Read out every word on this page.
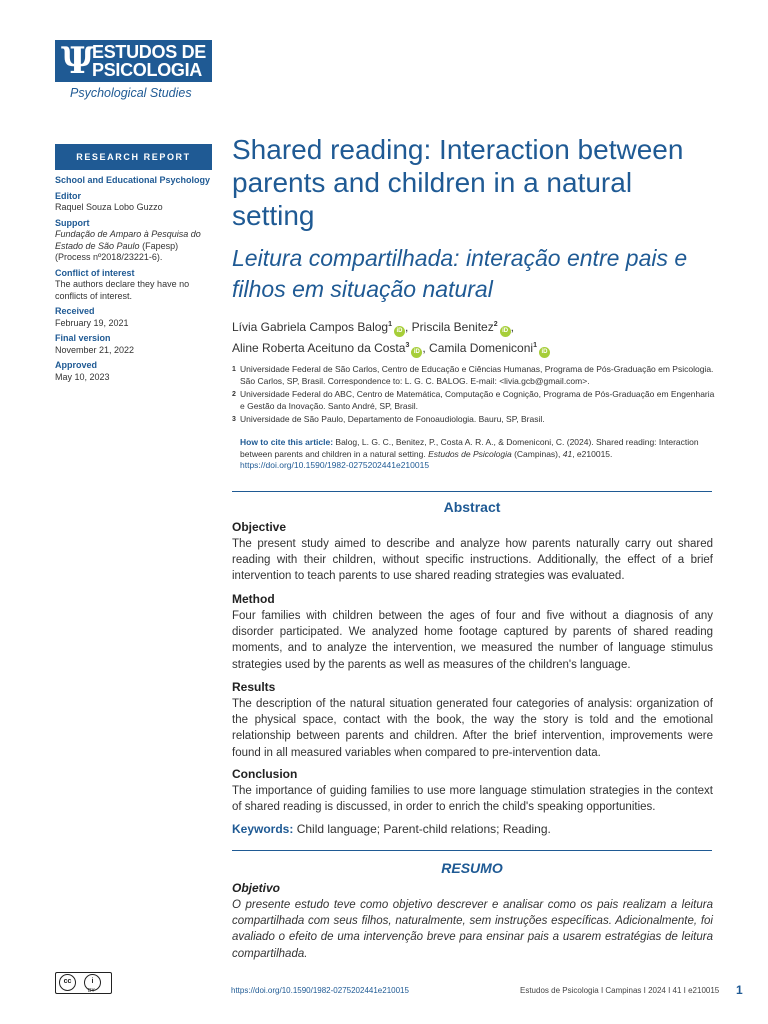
Ψ
ESTUDOS DE
PSICOLOGIA
Psychological Studies
RESEARCH REPORT
School and Educational Psychology
Editor
Raquel Souza Lobo Guzzo
Support
Fundação de Amparo à Pesquisa do Estado de São Paulo (Fapesp) (Process nº2018/23221-6).
Conflict of interest
The authors declare they have no conflicts of interest.
Received
February 19, 2021
Final version
November 21, 2022
Approved
May 10, 2023
Shared reading: Interaction between parents and children in a natural setting
Leitura compartilhada: interação entre pais e filhos em situação natural
Lívia Gabriela Campos Balog$^1$iD , Priscila Benitez$^2$iD ,
Aline Roberta Aceituno da Costa$^3$iD , Camila Domeniconi$^1$iD
1 Universidade Federal de São Carlos, Centro de Educação e Ciências Humanas, Programa de Pós-Graduação em Psicologia. São Carlos, SP, Brasil. Correspondence to: L. G. C. BALOG. E-mail: <livia.gcb@gmail.com>.
2 Universidade Federal do ABC, Centro de Matemática, Computação e Cognição, Programa de Pós-Graduação em Engenharia e Gestão da Inovação. Santo André, SP, Brasil.
3 Universidade de São Paulo, Departamento de Fonoaudiologia. Bauru, SP, Brasil.
How to cite this article: Balog, L. G. C., Benitez, P., Costa A. R. A., & Domeniconi, C. (2024). Shared reading: Interaction between parents and children in a natural setting. Estudos de Psicologia (Campinas), 41, e210015. https://doi.org/10.1590/1982-0275202441e210015
Abstract
Objective
The present study aimed to describe and analyze how parents naturally carry out shared reading with their children, without specific instructions. Additionally, the effect of a brief intervention to teach parents to use shared reading strategies was evaluated.
Method
Four families with children between the ages of four and five without a diagnosis of any disorder participated. We analyzed home footage captured by parents of shared reading moments, and to analyze the intervention, we measured the number of language stimulus strategies used by the parents as well as measures of the children's language.
Results
The description of the natural situation generated four categories of analysis: organization of the physical space, contact with the book, the way the story is told and the emotional relationship between parents and children. After the brief intervention, improvements were found in all measured variables when compared to pre-intervention data.
Conclusion
The importance of guiding families to use more language stimulation strategies in the context of shared reading is discussed, in order to enrich the child's speaking opportunities.
Keywords: Child language; Parent-child relations; Reading.
RESUMO
Objetivo
O presente estudo teve como objetivo descrever e analisar como os pais realizam a leitura compartilhada com seus filhos, naturalmente, sem instruções específicas. Adicionalmente, foi avaliado o efeito de uma intervenção breve para ensinar pais a usarem estratégias de leitura compartilhada.
cc	i
BY	https://doi.org/10.1590/1982-0275202441e210015	Estudos de Psicologia I Campinas I 2024 I 41 I e210015 1
